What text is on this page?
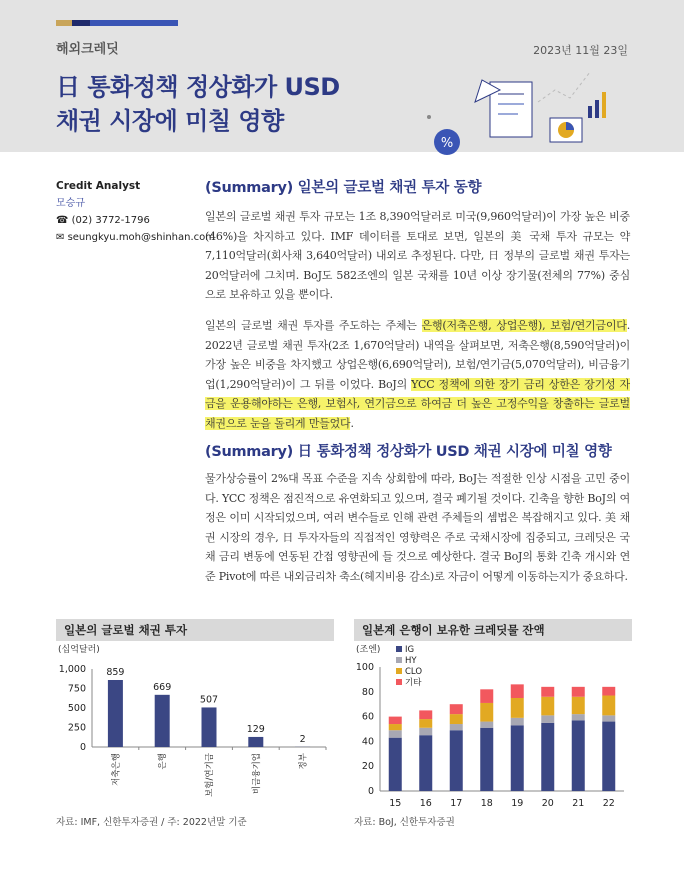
해외크레딧	2023년 11월 23일
日 통화정책 정상화가 USD
채권 시장에 미칠 영향
%
Credit Analyst
모승규
☎ (02) 3772-1796
✉ seungkyu.moh@shinhan.com
(Summary) 일본의 글로벌 채권 투자 동향
일본의 글로벌 채권 투자 규모는 1조 8,390억달러로 미국(9,960억달러)이 가장 높은 비중(46%)을 차지하고 있다. IMF 데이터를 토대로 보면, 일본의 美 국채 투자 규모는 약 7,110억달러(회사채 3,640억달러) 내외로 추정된다. 다만, 日 정부의 글로벌 채권 투자는 20억달러에 그치며. BoJ도 582조엔의 일본 국채를 10년 이상 장기물(전체의 77%) 중심으로 보유하고 있을 뿐이다.
일본의 글로벌 채권 투자를 주도하는 주체는 은행(저축은행, 상업은행), 보험/연기금이다. 2022년 글로벌 채권 투자(2조 1,670억달러) 내역을 살펴보면, 저축은행(8,590억달러)이 가장 높은 비중을 차지했고 상업은행(6,690억달러), 보험/연기금(5,070억달러), 비금융기업(1,290억달러)이 그 뒤를 이었다. BoJ의 YCC 정책에 의한 장기 금리 상한은 장기성 자금을 운용해야하는 은행, 보험사, 연기금으로 하여금 더 높은 고정수익을 창출하는 글로벌 채권으로 눈을 돌리게 만들었다.
(Summary) 日 통화정책 정상화가 USD 채권 시장에 미칠 영향
물가상승률이 2%대 목표 수준을 지속 상회함에 따라, BoJ는 적절한 인상 시점을 고민 중이다. YCC 정책은 점진적으로 유연화되고 있으며, 결국 폐기될 것이다. 긴축을 향한 BoJ의 여정은 이미 시작되었으며, 여러 변수들로 인해 관련 주체들의 셈법은 복잡해지고 있다. 美 채권 시장의 경우, 日 투자자들의 직접적인 영향력은 주로 국채시장에 집중되고, 크레딧은 국채 금리 변동에 연동된 간접 영향권에 들 것으로 예상한다. 결국 BoJ의 통화 긴축 개시와 연준 Pivot에 따른 내외금리차 축소(헤지비용 감소)로 자금이 어떻게 이동하는지가 중요하다.
일본의 글로벌 채권 투자
(십억달러)
0
250
500
750
1,000 859
저축은행
669
은행
507
보험/연기금
129
비금융기업
2
정부
자료: IMF, 신한투자증권 / 주: 2022년말 기준
일본계 은행이 보유한 크레딧물 잔액
(조엔)
0
20
40
60
80
100
IG
HY
CLO
기타
15 16 17 18 19 20 21 22
자료: BoJ, 신한투자증권
